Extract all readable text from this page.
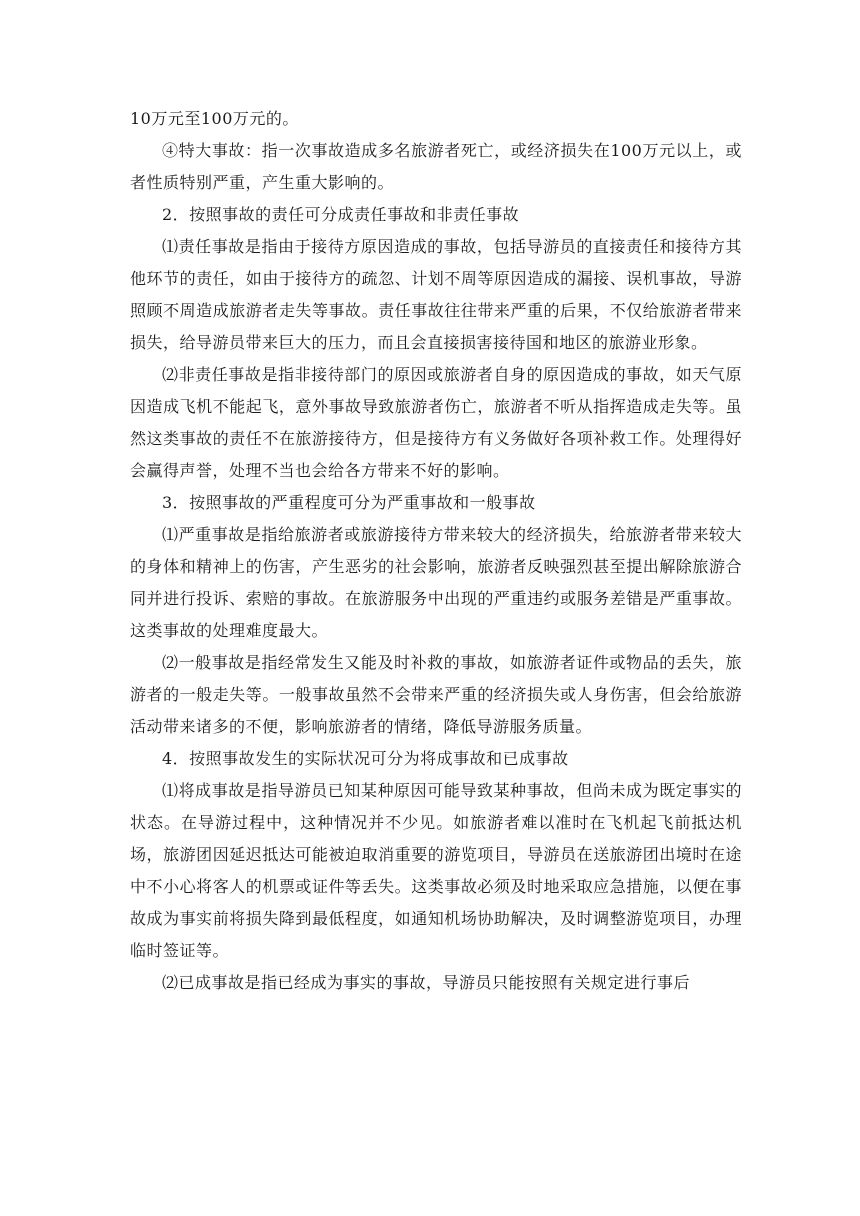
10万元至100万元的。

④特大事故：指一次事故造成多名旅游者死亡，或经济损失在100万元以上，或者性质特别严重，产生重大影响的。

2．按照事故的责任可分成责任事故和非责任事故

⑴责任事故是指由于接待方原因造成的事故，包括导游员的直接责任和接待方其他环节的责任，如由于接待方的疏忽、计划不周等原因造成的漏接、误机事故，导游照顾不周造成旅游者走失等事故。责任事故往往带来严重的后果，不仅给旅游者带来损失，给导游员带来巨大的压力，而且会直接损害接待国和地区的旅游业形象。

⑵非责任事故是指非接待部门的原因或旅游者自身的原因造成的事故，如天气原因造成飞机不能起飞，意外事故导致旅游者伤亡，旅游者不听从指挥造成走失等。虽然这类事故的责任不在旅游接待方，但是接待方有义务做好各项补救工作。处理得好会赢得声誉，处理不当也会给各方带来不好的影响。

3．按照事故的严重程度可分为严重事故和一般事故

⑴严重事故是指给旅游者或旅游接待方带来较大的经济损失，给旅游者带来较大的身体和精神上的伤害，产生恶劣的社会影响，旅游者反映强烈甚至提出解除旅游合同并进行投诉、索赔的事故。在旅游服务中出现的严重违约或服务差错是严重事故。这类事故的处理难度最大。

⑵一般事故是指经常发生又能及时补救的事故，如旅游者证件或物品的丢失，旅游者的一般走失等。一般事故虽然不会带来严重的经济损失或人身伤害，但会给旅游活动带来诸多的不便，影响旅游者的情绪，降低导游服务质量。

4．按照事故发生的实际状况可分为将成事故和已成事故

⑴将成事故是指导游员已知某种原因可能导致某种事故，但尚未成为既定事实的状态。在导游过程中，这种情况并不少见。如旅游者难以准时在飞机起飞前抵达机场，旅游团因延迟抵达可能被迫取消重要的游览项目，导游员在送旅游团出境时在途中不小心将客人的机票或证件等丢失。这类事故必须及时地采取应急措施，以便在事故成为事实前将损失降到最低程度，如通知机场协助解决，及时调整游览项目，办理临时签证等。

⑵已成事故是指已经成为事实的事故，导游员只能按照有关规定进行事后
